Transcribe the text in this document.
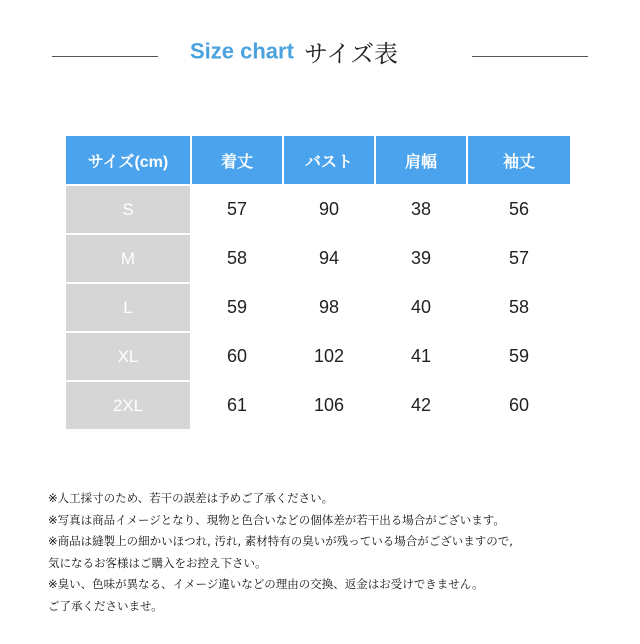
Size chart サイズ表
サイズ(cm)	着丈	バスト	肩幅	袖丈
S	57	90	38	56
M	58	94	39	57
L	59	98	40	58
XL	60	102	41	59
2XL	61	106	42	60
※人工採寸のため、若干の誤差は予めご了承ください。
※写真は商品イメージとなり、現物と色合いなどの個体差が若干出る場合がございます。
※商品は縫製上の細かいほつれ, 汚れ, 素材特有の臭いが残っている場合がございますので,
気になるお客様はご購入をお控え下さい。
※臭い、色味が異なる、イメージ違いなどの理由の交換、返金はお受けできません。
ご了承くださいませ。
